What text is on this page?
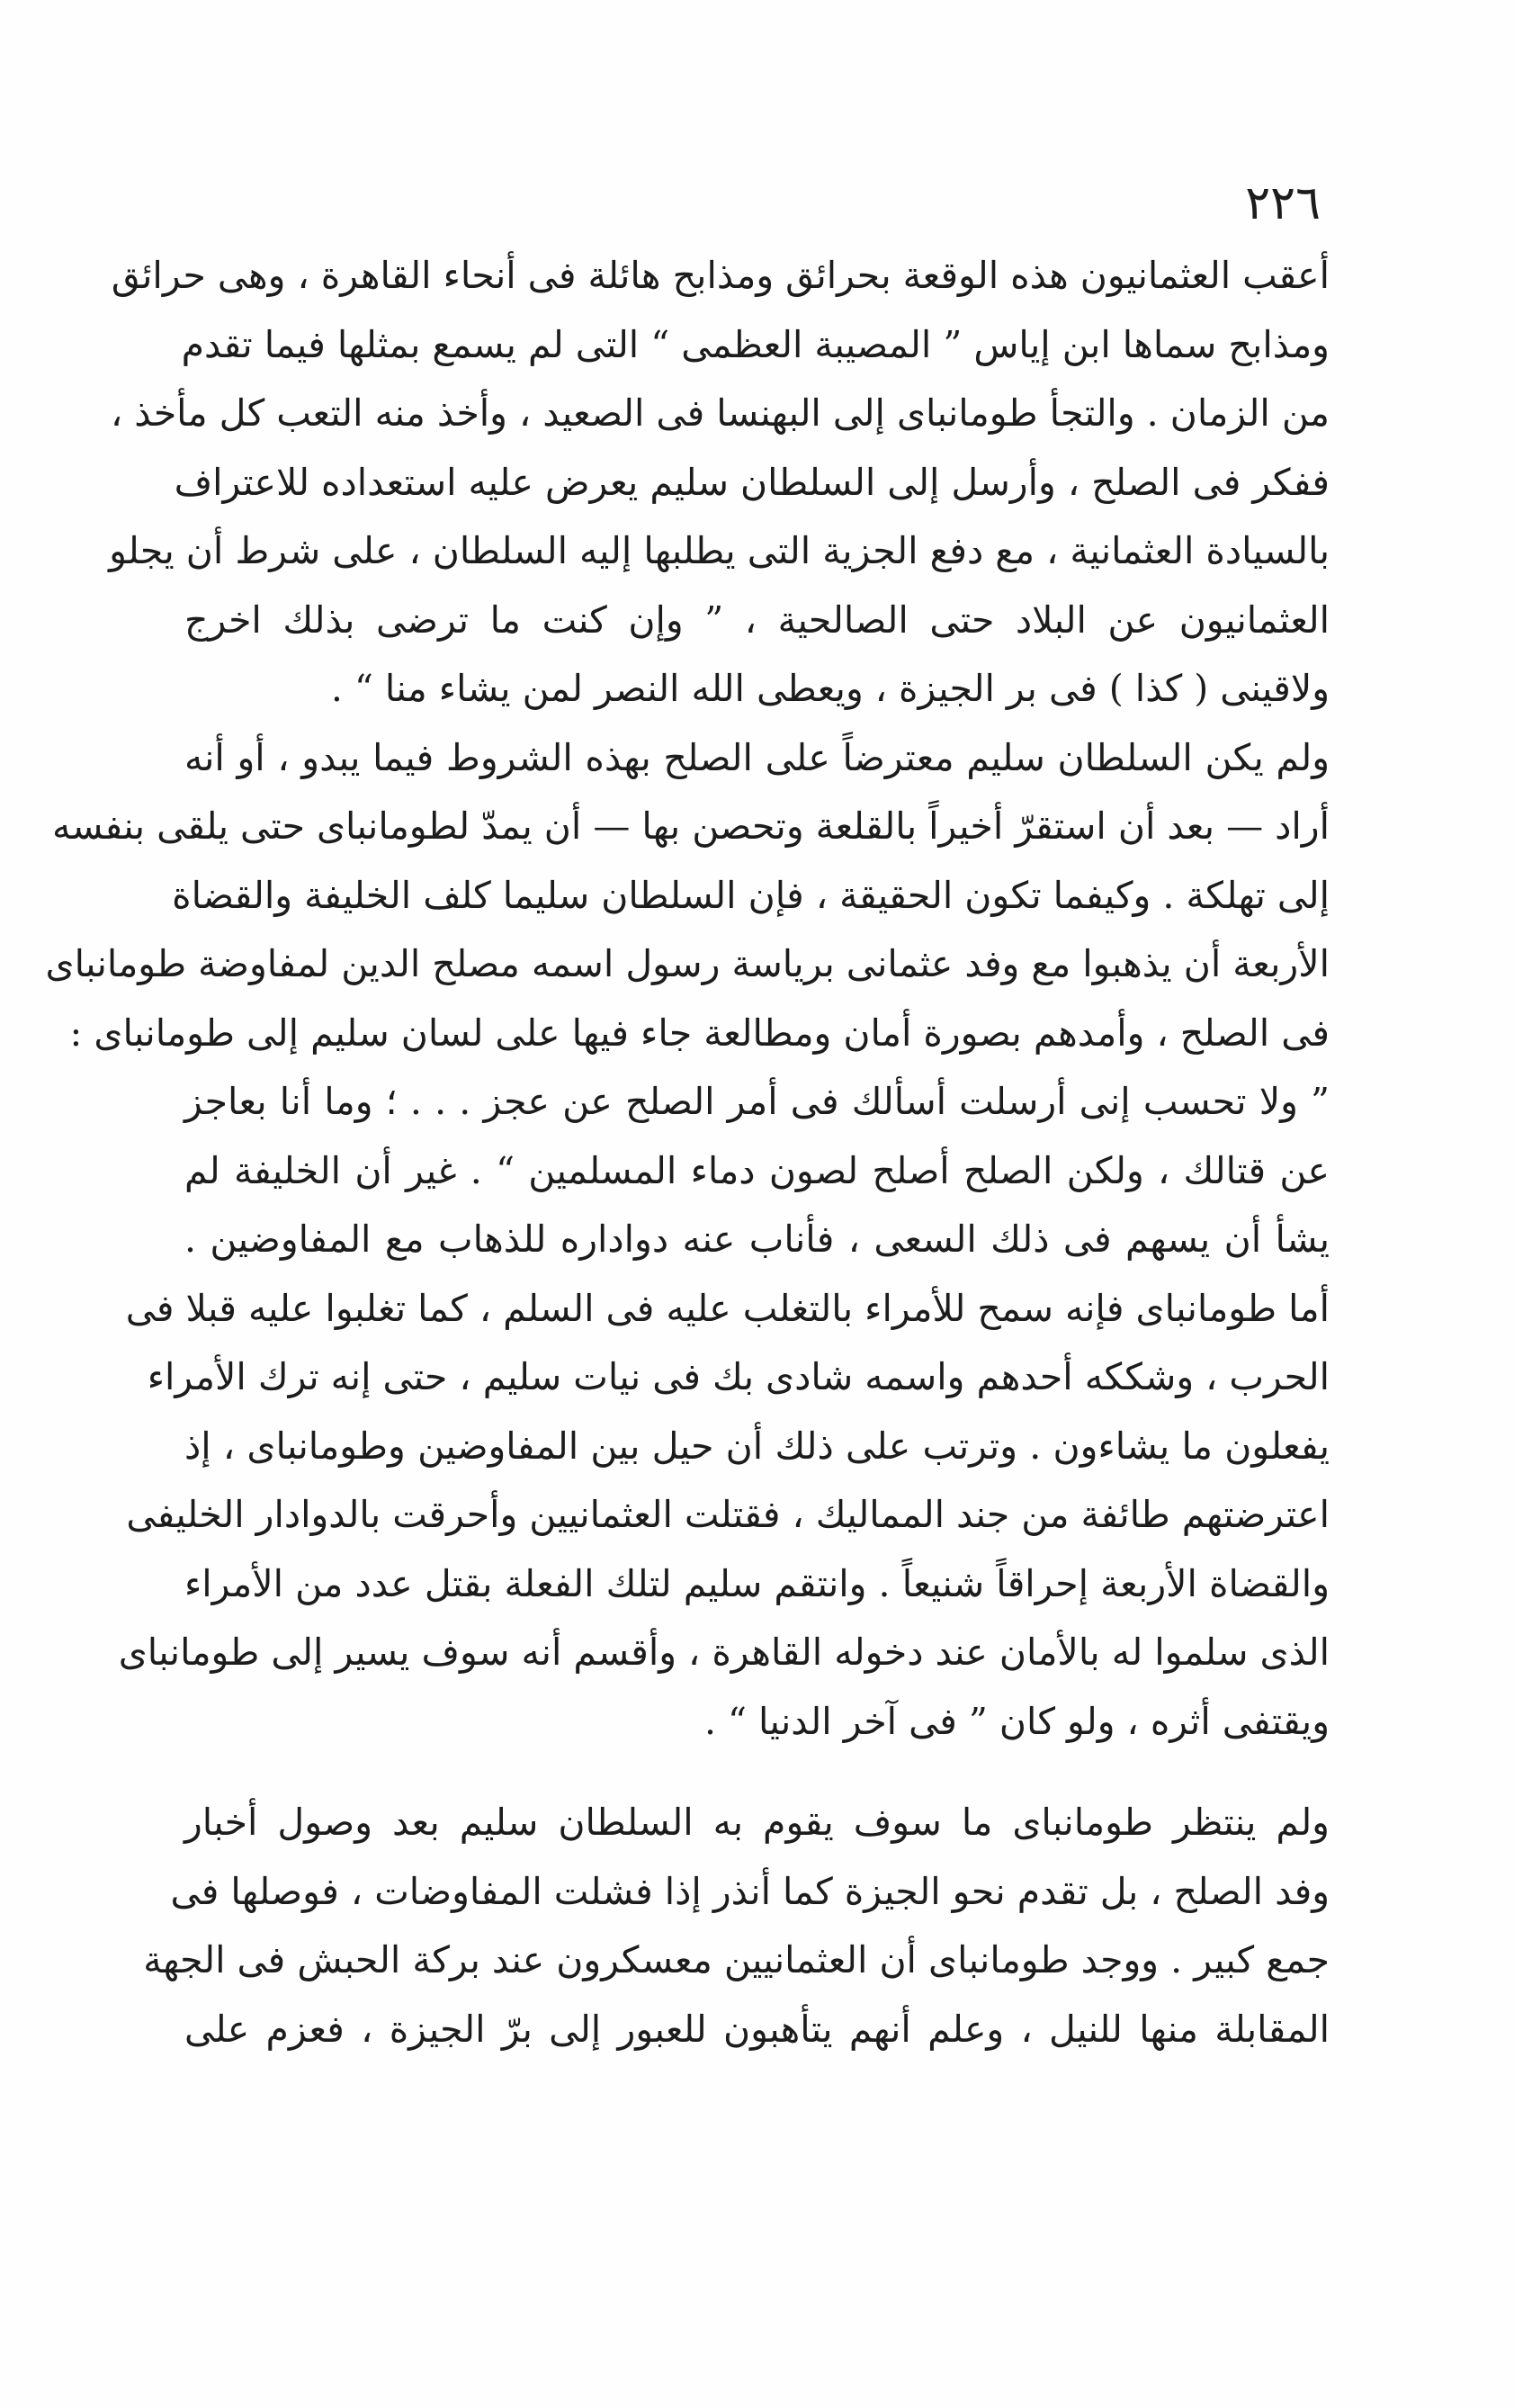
٢٢٦
أعقب العثمانيون هذه الوقعة بحرائق ومذابح هائلة فى أنحاء القاهرة ، وهى حرائق
ومذابح سماها ابن إياس ” المصيبة العظمى “ التى لم يسمع بمثلها فيما تقدم
من الزمان . والتجأ طومانباى إلى البهنسا فى الصعيد ، وأخذ منه التعب كل مأخذ ،
ففكر فى الصلح ، وأرسل إلى السلطان سليم يعرض عليه استعداده للاعتراف
بالسيادة العثمانية ، مع دفع الجزية التى يطلبها إليه السلطان ، على شرط أن يجلو
العثمانيون عن البلاد حتى الصالحية ، ” وإن كنت ما ترضى بذلك اخرج
ولاقينى ( كذا ) فى بر الجيزة ، ويعطى الله النصر لمن يشاء منا “ .
ولم يكن السلطان سليم معترضاً على الصلح بهذه الشروط فيما يبدو ، أو أنه
أراد — بعد أن استقرّ أخيراً بالقلعة وتحصن بها — أن يمدّ لطومانباى حتى يلقى بنفسه
إلى تهلكة . وكيفما تكون الحقيقة ، فإن السلطان سليما كلف الخليفة والقضاة
الأربعة أن يذهبوا مع وفد عثمانى برياسة رسول اسمه مصلح الدين لمفاوضة طومانباى
فى الصلح ، وأمدهم بصورة أمان ومطالعة جاء فيها على لسان سليم إلى طومانباى :
” ولا تحسب إنى أرسلت أسألك فى أمر الصلح عن عجز . . . ؛ وما أنا بعاجز
عن قتالك ، ولكن الصلح أصلح لصون دماء المسلمين “ . غير أن الخليفة لم
يشأ أن يسهم فى ذلك السعى ، فأناب عنه دواداره للذهاب مع المفاوضين .
أما طومانباى فإنه سمح للأمراء بالتغلب عليه فى السلم ، كما تغلبوا عليه قبلا فى
الحرب ، وشككه أحدهم واسمه شادى بك فى نيات سليم ، حتى إنه ترك الأمراء
يفعلون ما يشاءون . وترتب على ذلك أن حيل بين المفاوضين وطومانباى ، إذ
اعترضتهم طائفة من جند المماليك ، فقتلت العثمانيين وأحرقت بالدوادار الخليفى
والقضاة الأربعة إحراقاً شنيعاً . وانتقم سليم لتلك الفعلة بقتل عدد من الأمراء
الذى سلموا له بالأمان عند دخوله القاهرة ، وأقسم أنه سوف يسير إلى طومانباى
ويقتفى أثره ، ولو كان ” فى آخر الدنيا “ .
ولم ينتظر طومانباى ما سوف يقوم به السلطان سليم بعد وصول أخبار
وفد الصلح ، بل تقدم نحو الجيزة كما أنذر إذا فشلت المفاوضات ، فوصلها فى
جمع كبير . ووجد طومانباى أن العثمانيين معسكرون عند بركة الحبش فى الجهة
المقابلة منها للنيل ، وعلم أنهم يتأهبون للعبور إلى برّ الجيزة ، فعزم على
